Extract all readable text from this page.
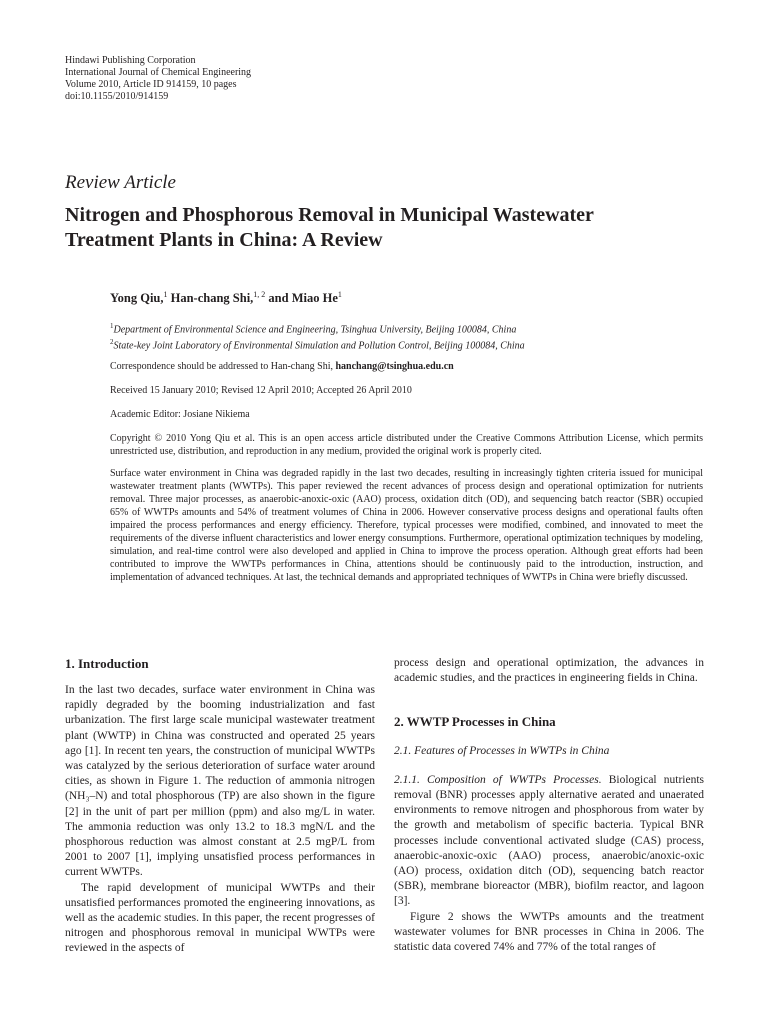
Hindawi Publishing Corporation
International Journal of Chemical Engineering
Volume 2010, Article ID 914159, 10 pages
doi:10.1155/2010/914159
Review Article
Nitrogen and Phosphorous Removal in Municipal Wastewater
Treatment Plants in China: A Review
Yong Qiu,$^1$ Han-chang Shi,$^{1, 2}$ and Miao He$^1$
$^1$Department of Environmental Science and Engineering, Tsinghua University, Beijing 100084, China
$^2$State-key Joint Laboratory of Environmental Simulation and Pollution Control, Beijing 100084, China
Correspondence should be addressed to Han-chang Shi, hanchang@tsinghua.edu.cn
Received 15 January 2010; Revised 12 April 2010; Accepted 26 April 2010
Academic Editor: Josiane Nikiema
Copyright © 2010 Yong Qiu et al. This is an open access article distributed under the Creative Commons Attribution License, which permits unrestricted use, distribution, and reproduction in any medium, provided the original work is properly cited.
Surface water environment in China was degraded rapidly in the last two decades, resulting in increasingly tighten criteria issued for municipal wastewater treatment plants (WWTPs). This paper reviewed the recent advances of process design and operational optimization for nutrients removal. Three major processes, as anaerobic-anoxic-oxic (AAO) process, oxidation ditch (OD), and sequencing batch reactor (SBR) occupied 65% of WWTPs amounts and 54% of treatment volumes of China in 2006. However conservative process designs and operational faults often impaired the process performances and energy efficiency. Therefore, typical processes were modified, combined, and innovated to meet the requirements of the diverse influent characteristics and lower energy consumptions. Furthermore, operational optimization techniques by modeling, simulation, and real-time control were also developed and applied in China to improve the process operation. Although great efforts had been contributed to improve the WWTPs performances in China, attentions should be continuously paid to the introduction, instruction, and implementation of advanced techniques. At last, the technical demands and appropriated techniques of WWTPs in China were briefly discussed.
1. Introduction

In the last two decades, surface water environment in China was rapidly degraded by the booming industrialization and fast urbanization. The first large scale municipal wastewater treatment plant (WWTP) in China was constructed and operated 25 years ago [1]. In recent ten years, the construction of municipal WWTPs was catalyzed by the serious deterioration of surface water around cities, as shown in Figure 1. The reduction of ammonia nitrogen (NH₃–N) and total phosphorous (TP) are also shown in the figure [2] in the unit of part per million (ppm) and also mg/L in water. The ammonia reduction was only 13.2 to 18.3 mgN/L and the phosphorous reduction was almost constant at 2.5 mgP/L from 2001 to 2007 [1], implying unsatisfied process performances in current WWTPs.

The rapid development of municipal WWTPs and their unsatisfied performances promoted the engineering innovations, as well as the academic studies. In this paper, the recent progresses of nitrogen and phosphorous removal in municipal WWTPs were reviewed in the aspects of

process design and operational optimization, the advances in academic studies, and the practices in engineering fields in China.

2. WWTP Processes in China
2.1. Features of Processes in WWTPs in China

2.1.1. Composition of WWTPs Processes. Biological nutrients removal (BNR) processes apply alternative aerated and unaerated environments to remove nitrogen and phosphorous from water by the growth and metabolism of specific bacteria. Typical BNR processes include conventional activated sludge (CAS) process, anaerobic-anoxic-oxic (AAO) process, anaerobic/anoxic-oxic (AO) process, oxidation ditch (OD), sequencing batch reactor (SBR), membrane bioreactor (MBR), biofilm reactor, and lagoon [3].

Figure 2 shows the WWTPs amounts and the treatment wastewater volumes for BNR processes in China in 2006. The statistic data covered 74% and 77% of the total ranges of
